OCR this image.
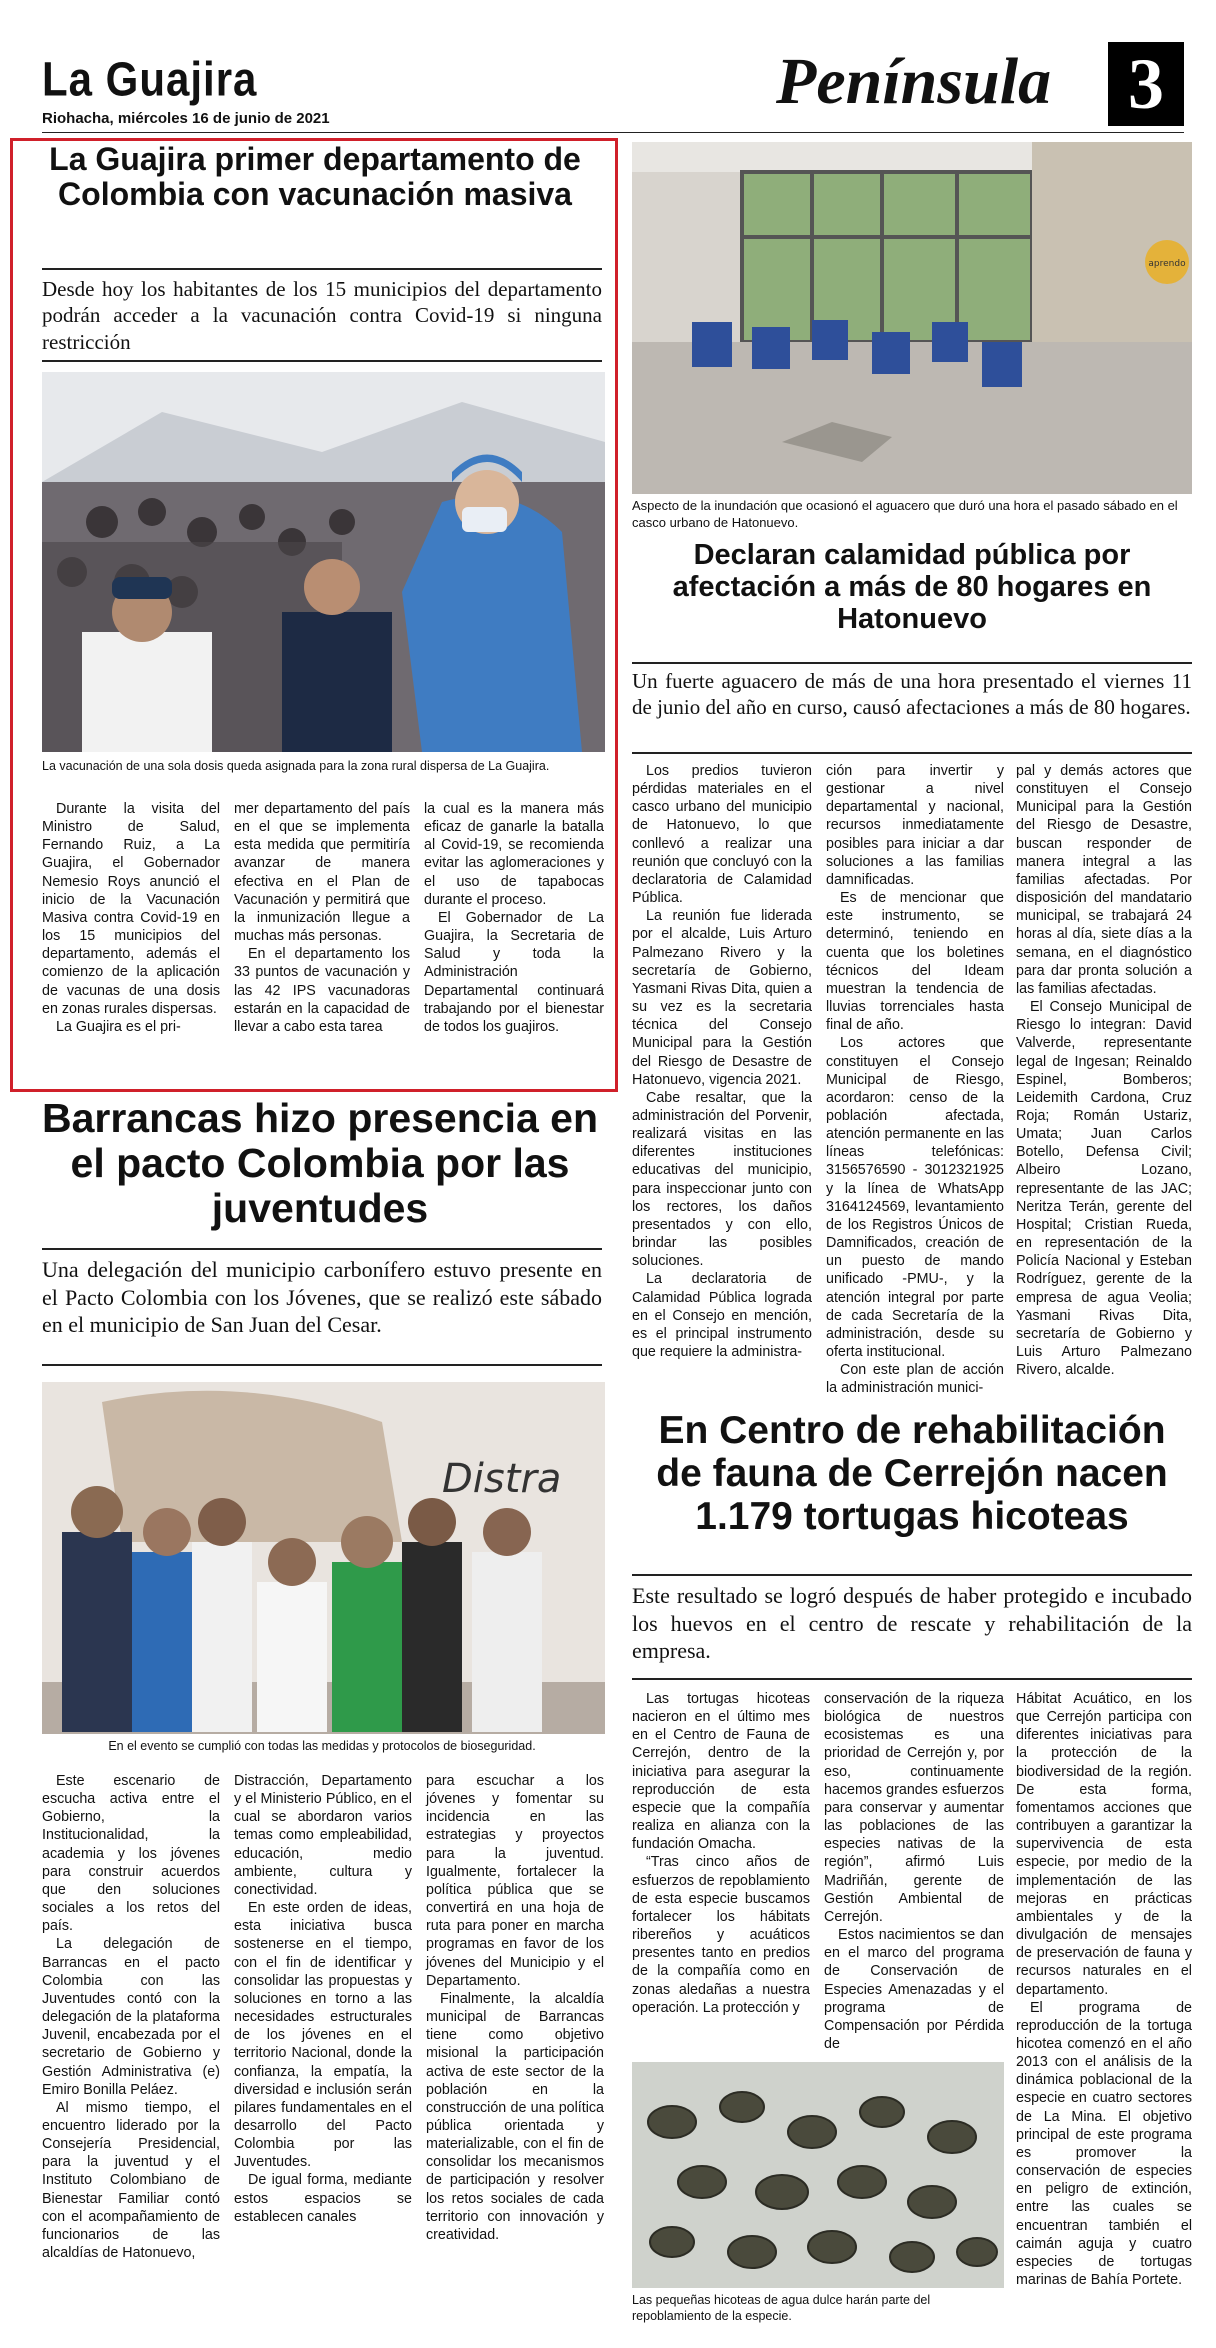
La Guajira
Riohacha, miércoles 16 de junio de 2021
Península 3
La Guajira primer departamento de Colombia con vacunación masiva
Desde hoy los habitantes de los 15 municipios del departamento podrán acceder a la vacunación contra Covid-19 si ninguna restricción
La vacunación de una sola dosis queda asignada para la zona rural dispersa de La Guajira.

Durante la visita del Ministro de Salud, Fernando Ruiz, a La Guajira, el Gobernador Nemesio Roys anunció el inicio de la Vacunación Masiva contra Covid-19 en los 15 municipios del departamento, además el comienzo de la aplicación de vacunas de una dosis en zonas rurales dispersas.

La Guajira es el pri-

mer departamento del país en el que se implementa esta medida que permitiría avanzar de manera efectiva en el Plan de Vacunación y permitirá que la inmunización llegue a muchas más personas.

En el departamento los 33 puntos de vacunación y las 42 IPS vacunadoras estarán en la capacidad de llevar a cabo esta tarea

la cual es la manera más eficaz de ganarle la batalla al Covid-19, se recomienda evitar las aglomeraciones y el uso de tapabocas durante el proceso.

El Gobernador de La Guajira, la Secretaria de Salud y toda la Administración Departamental continuará trabajando por el bienestar de todos los guajiros.

aprendo
Aspecto de la inundación que ocasionó el aguacero que duró una hora el pasado sábado en el casco urbano de Hatonuevo.
Declaran calamidad pública por afectación a más de 80 hogares en Hatonuevo
Un fuerte aguacero de más de una hora presentado el viernes 11 de junio del año en curso, causó afectaciones a más de 80 hogares.

Los predios tuvieron pérdidas materiales en el casco urbano del municipio de Hatonuevo, lo que conllevó a realizar una reunión que concluyó con la declaratoria de Calamidad Pública.

La reunión fue liderada por el alcalde, Luis Arturo Palmezano Rivero y la secretaría de Gobierno, Yasmani Rivas Dita, quien a su vez es la secretaria técnica del Consejo Municipal para la Gestión del Riesgo de Desastre de Hatonuevo, vigencia 2021.

Cabe resaltar, que la administración del Porvenir, realizará visitas en las diferentes instituciones educativas del municipio, para inspeccionar junto con los rectores, los daños presentados y con ello, brindar las posibles soluciones.

La declaratoria de Calamidad Pública lograda en el Consejo en mención, es el principal instrumento que requiere la administra-

ción para invertir y gestionar a nivel departamental y nacional, recursos inmediatamente posibles para iniciar a dar soluciones a las familias damnificadas.

Es de mencionar que este instrumento, se determinó, teniendo en cuenta que los boletines técnicos del Ideam muestran la tendencia de lluvias torrenciales hasta final de año.

Los actores que constituyen el Consejo Municipal de Riesgo, acordaron: censo de la población afectada, atención permanente en las líneas telefónicas: 3156576590 - 3012321925 y la línea de WhatsApp 3164124569, levantamiento de los Registros Únicos de Damnificados, creación de un puesto de mando unificado -PMU-, y la atención integral por parte de cada Secretaría de la administración, desde su oferta institucional.

Con este plan de acción la administración munici-

pal y demás actores que constituyen el Consejo Municipal para la Gestión del Riesgo de Desastre, buscan responder de manera integral a las familias afectadas. Por disposición del mandatario municipal, se trabajará 24 horas al día, siete días a la semana, en el diagnóstico para dar pronta solución a las familias afectadas.

El Consejo Municipal de Riesgo lo integran: David Valverde, representante legal de Ingesan; Reinaldo Espinel, Bomberos; Leidemith Cardona, Cruz Roja; Román Ustariz, Umata; Juan Carlos Botello, Defensa Civil; Albeiro Lozano, representante de las JAC; Neritza Terán, gerente del Hospital; Cristian Rueda, en representación de la Policía Nacional y Esteban Rodríguez, gerente de la empresa de agua Veolia; Yasmani Rivas Dita, secretaría de Gobierno y Luis Arturo Palmezano Rivero, alcalde.

Barrancas hizo presencia en el pacto Colombia por las juventudes
Una delegación del municipio carbonífero estuvo presente en el Pacto Colombia con los Jóvenes, que se realizó este sábado en el municipio de San Juan del Cesar.
Distra
En el evento se cumplió con todas las medidas y protocolos de bioseguridad.

Este escenario de escucha activa entre el Gobierno, la Institucionalidad, la academia y los jóvenes para construir acuerdos que den soluciones sociales a los retos del país.

La delegación de Barrancas en el pacto Colombia con las Juventudes contó con la delegación de la plataforma Juvenil, encabezada por el secretario de Gobierno y Gestión Administrativa (e) Emiro Bonilla Peláez.

Al mismo tiempo, el encuentro liderado por la Consejería Presidencial, para la juventud y el Instituto Colombiano de Bienestar Familiar contó con el acompañamiento de funcionarios de las alcaldías de Hatonuevo,

Distracción, Departamento y el Ministerio Público, en el cual se abordaron varios temas como empleabilidad, educación, medio ambiente, cultura y conectividad.

En este orden de ideas, esta iniciativa busca sostenerse en el tiempo, con el fin de identificar y consolidar las propuestas y soluciones en torno a las necesidades estructurales de los jóvenes en el territorio Nacional, donde la confianza, la empatía, la diversidad e inclusión serán pilares fundamentales en el desarrollo del Pacto Colombia por las Juventudes.

De igual forma, mediante estos espacios se establecen canales

para escuchar a los jóvenes y fomentar su incidencia en las estrategias y proyectos para la juventud. Igualmente, fortalecer la política pública que se convertirá en una hoja de ruta para poner en marcha programas en favor de los jóvenes del Municipio y el Departamento.

Finalmente, la alcaldía municipal de Barrancas tiene como objetivo misional la participación activa de este sector de la población en la construcción de una política pública orientada y materializable, con el fin de consolidar los mecanismos de participación y resolver los retos sociales de cada territorio con innovación y creatividad.

En Centro de rehabilitación de fauna de Cerrejón nacen 1.179 tortugas hicoteas
Este resultado se logró después de haber protegido e incubado los huevos en el centro de rescate y rehabilitación de la empresa.

Las tortugas hicoteas nacieron en el último mes en el Centro de Fauna de Cerrejón, dentro de la iniciativa para asegurar la reproducción de esta especie que la compañía realiza en alianza con la fundación Omacha.

“Tras cinco años de esfuerzos de repoblamiento de esta especie buscamos fortalecer los hábitats ribereños y acuáticos presentes tanto en predios de la compañía como en zonas aledañas a nuestra operación. La protección y

conservación de la riqueza biológica de nuestros ecosistemas es una prioridad de Cerrejón y, por eso, continuamente hacemos grandes esfuerzos para conservar y aumentar las poblaciones de las especies nativas de la región”, afirmó Luis Madriñán, gerente de Gestión Ambiental de Cerrejón.

Estos nacimientos se dan en el marco del programa de Conservación de Especies Amenazadas y el programa de Compensación por Pérdida de

Hábitat Acuático, en los que Cerrejón participa con diferentes iniciativas para la protección de la biodiversidad de la región. De esta forma, fomentamos acciones que contribuyen a garantizar la supervivencia de esta especie, por medio de la implementación de las mejoras en prácticas ambientales y de la divulgación de mensajes de preservación de fauna y recursos naturales en el departamento.

El programa de reproducción de la tortuga hicotea comenzó en el año 2013 con el análisis de la dinámica poblacional de la especie en cuatro sectores de La Mina. El objetivo principal de este programa es promover la conservación de especies en peligro de extinción, entre las cuales se encuentran también el caimán aguja y cuatro especies de tortugas marinas de Bahía Portete.

Las pequeñas hicoteas de agua dulce harán parte del repoblamiento de la especie.
